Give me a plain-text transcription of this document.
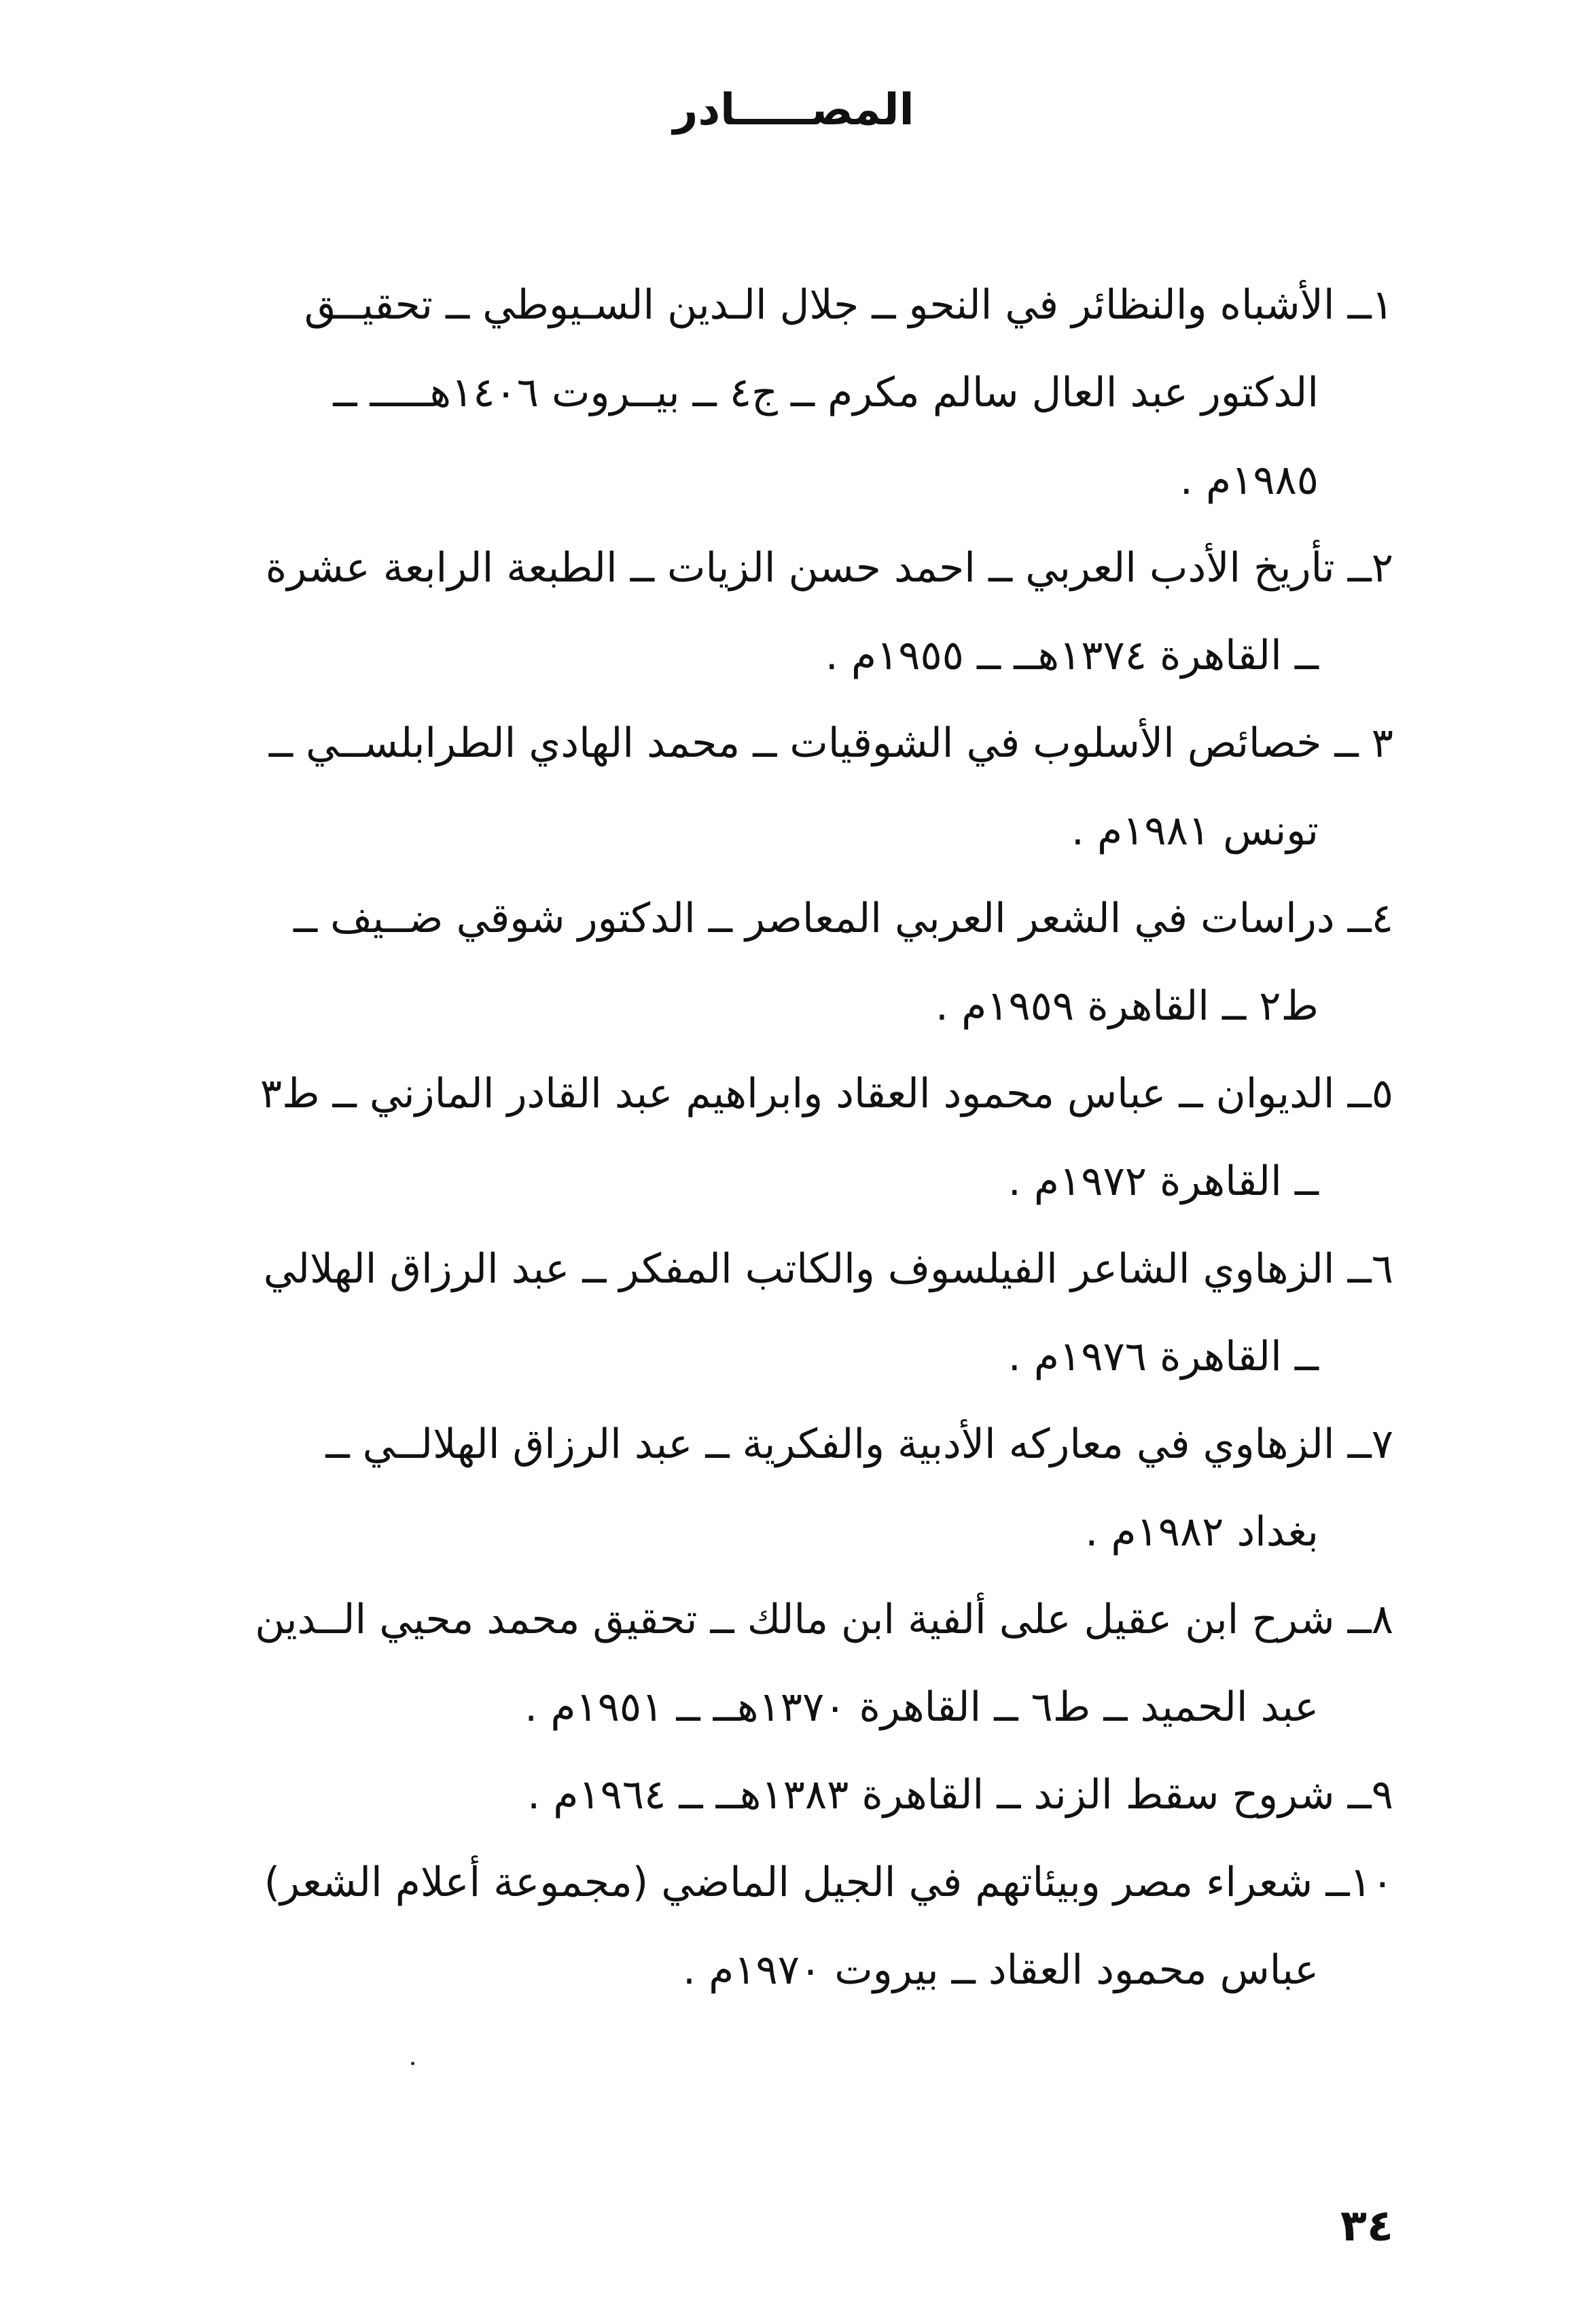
المصـــــادر
١ــ الأشباه والنظائر في النحو ــ جلال الـدين السـيوطي ــ تحقيــق
الدكتور عبد العال سالم مكرم ــ ج٤ ــ بيــروت ١٤٠٦هـــــ ــ
١٩٨٥م .
٢ــ تأريخ الأدب العربي ــ احمد حسن الزيات ــ الطبعة الرابعة عشرة
ــ القاهرة ١٣٧٤هــ ــ ١٩٥٥م .
٣ ــ خصائص الأسلوب في الشوقيات ــ محمد الهادي الطرابلســي ــ
تونس ١٩٨١م .
٤ــ دراسات في الشعر العربي المعاصر ــ الدكتور شوقي ضــيف ــ
ط٢ ــ القاهرة ١٩٥٩م .
٥ــ الديوان ــ عباس محمود العقاد وابراهيم عبد القادر المازني ــ ط٣
ــ القاهرة ١٩٧٢م .
٦ــ الزهاوي الشاعر الفيلسوف والكاتب المفكر ــ عبد الرزاق الهلالي
ــ القاهرة ١٩٧٦م .
٧ــ الزهاوي في معاركه الأدبية والفكرية ــ عبد الرزاق الهلالــي ــ
بغداد ١٩٨٢م .
٨ــ شرح ابن عقيل على ألفية ابن مالك ــ تحقيق محمد محيي الــدين
عبد الحميد ــ ط٦ ــ القاهرة ١٣٧٠هــ ــ ١٩٥١م .
٩ــ شروح سقط الزند ــ القاهرة ١٣٨٣هــ ــ ١٩٦٤م .
١٠ــ شعراء مصر وبيئاتهم في الجيل الماضي (مجموعة أعلام الشعر)
عباس محمود العقاد ــ بيروت ١٩٧٠م .
٣٤
